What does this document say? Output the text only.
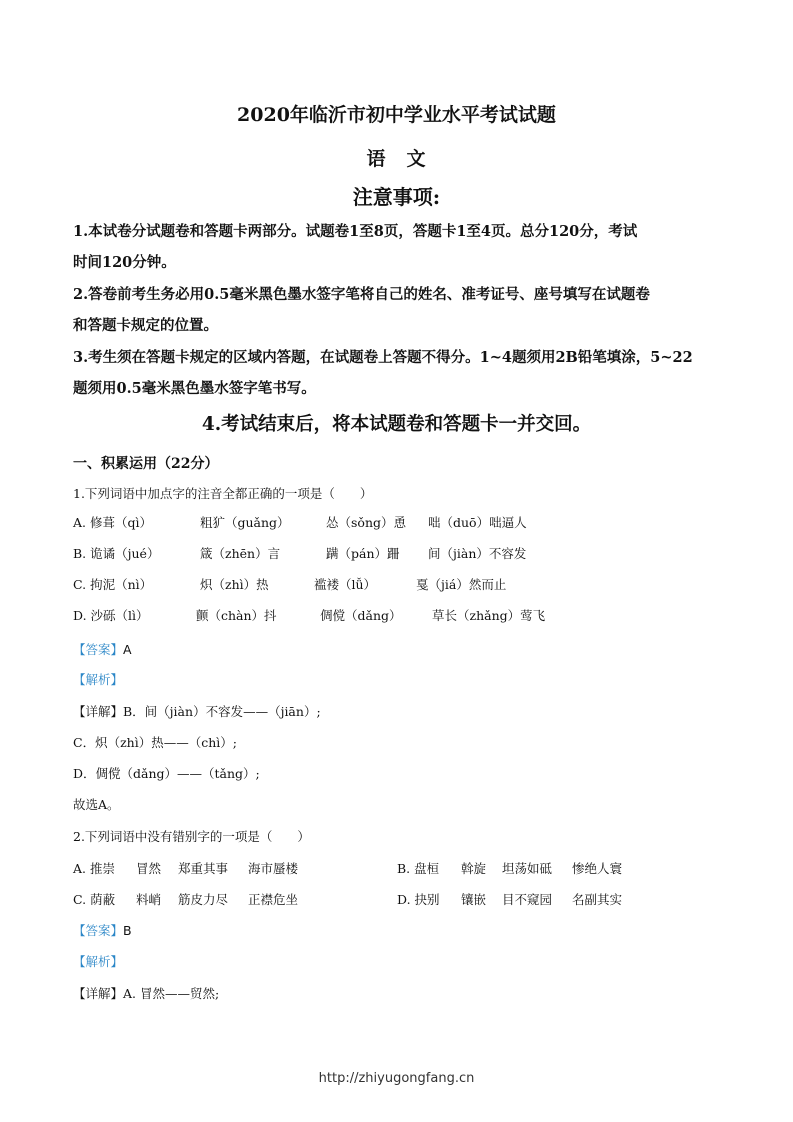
2020年临沂市初中学业水平考试试题
语　文
注意事项:
1.本试卷分试题卷和答题卡两部分。试题卷1至8页，答题卡1至4页。总分120分，考试
时间120分钟。
2.答卷前考生务必用0.5毫米黑色墨水签字笔将自己的姓名、准考证号、座号填写在试题卷
和答题卡规定的位置。
3.考生须在答题卡规定的区域内答题，在试题卷上答题不得分。1~4题须用2B铅笔填涂，5~22
题须用0.5毫米黑色墨水签字笔书写。
4.考试结束后，将本试题卷和答题卡一并交回。
一、积累运用（22分）
1.下列词语中加点字的注音全都正确的一项是（　　）
A. 修葺（qì）	粗犷（guǎng）	怂（sǒng）恿 咄（duō）咄逼人
B. 诡谲（jué）	箴（zhēn）言	蹒（pán）跚 间（jiàn）不容发
C. 拘泥（nì）	炽（zhì）热	褴褛（lǚ）	戛（jiá）然而止
D. 沙砾（lì）	颤（chàn）抖	倜傥（dǎng） 草长（zhǎng）莺飞
【答案】A
【解析】
【详解】B．间（jiàn）不容发——（jiān）;
C．炽（zhì）热——（chì）;
D．倜傥（dǎng）——（tǎng）;
故选A。
2.下列词语中没有错别字的一项是（　　）
A. 推崇 冒然 郑重其事 海市蜃楼	B. 盘桓 斡旋 坦荡如砥 惨绝人寰
C. 荫蔽 料峭 筋皮力尽 正襟危坐	D. 抉别 镶嵌 目不窥园 名副其实
【答案】B
【解析】
【详解】A. 冒然——贸然;
http://zhiyugongfang.cn
